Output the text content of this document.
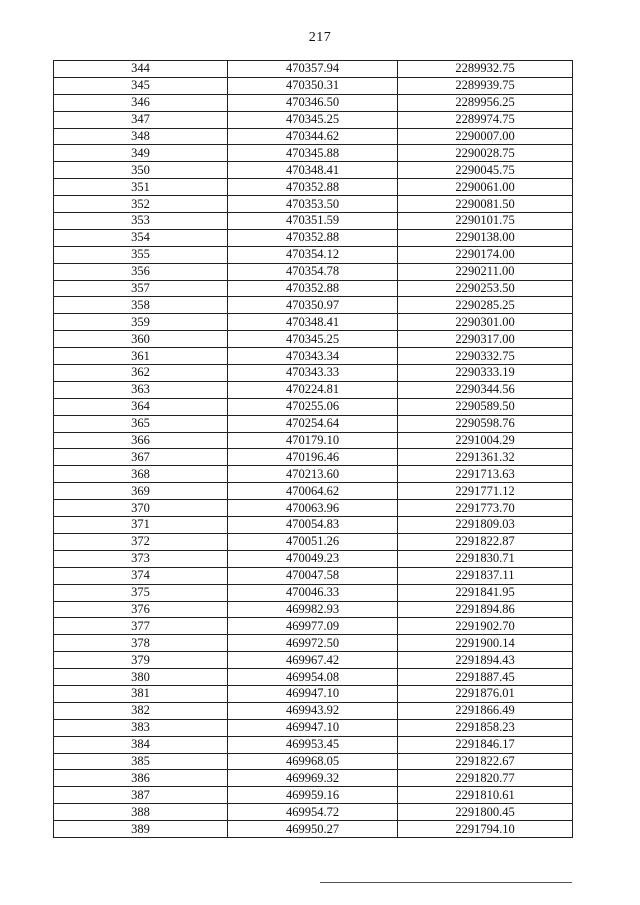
217
344	470357.94	2289932.75
345	470350.31	2289939.75
346	470346.50	2289956.25
347	470345.25	2289974.75
348	470344.62	2290007.00
349	470345.88	2290028.75
350	470348.41	2290045.75
351	470352.88	2290061.00
352	470353.50	2290081.50
353	470351.59	2290101.75
354	470352.88	2290138.00
355	470354.12	2290174.00
356	470354.78	2290211.00
357	470352.88	2290253.50
358	470350.97	2290285.25
359	470348.41	2290301.00
360	470345.25	2290317.00
361	470343.34	2290332.75
362	470343.33	2290333.19
363	470224.81	2290344.56
364	470255.06	2290589.50
365	470254.64	2290598.76
366	470179.10	2291004.29
367	470196.46	2291361.32
368	470213.60	2291713.63
369	470064.62	2291771.12
370	470063.96	2291773.70
371	470054.83	2291809.03
372	470051.26	2291822.87
373	470049.23	2291830.71
374	470047.58	2291837.11
375	470046.33	2291841.95
376	469982.93	2291894.86
377	469977.09	2291902.70
378	469972.50	2291900.14
379	469967.42	2291894.43
380	469954.08	2291887.45
381	469947.10	2291876.01
382	469943.92	2291866.49
383	469947.10	2291858.23
384	469953.45	2291846.17
385	469968.05	2291822.67
386	469969.32	2291820.77
387	469959.16	2291810.61
388	469954.72	2291800.45
389	469950.27	2291794.10
